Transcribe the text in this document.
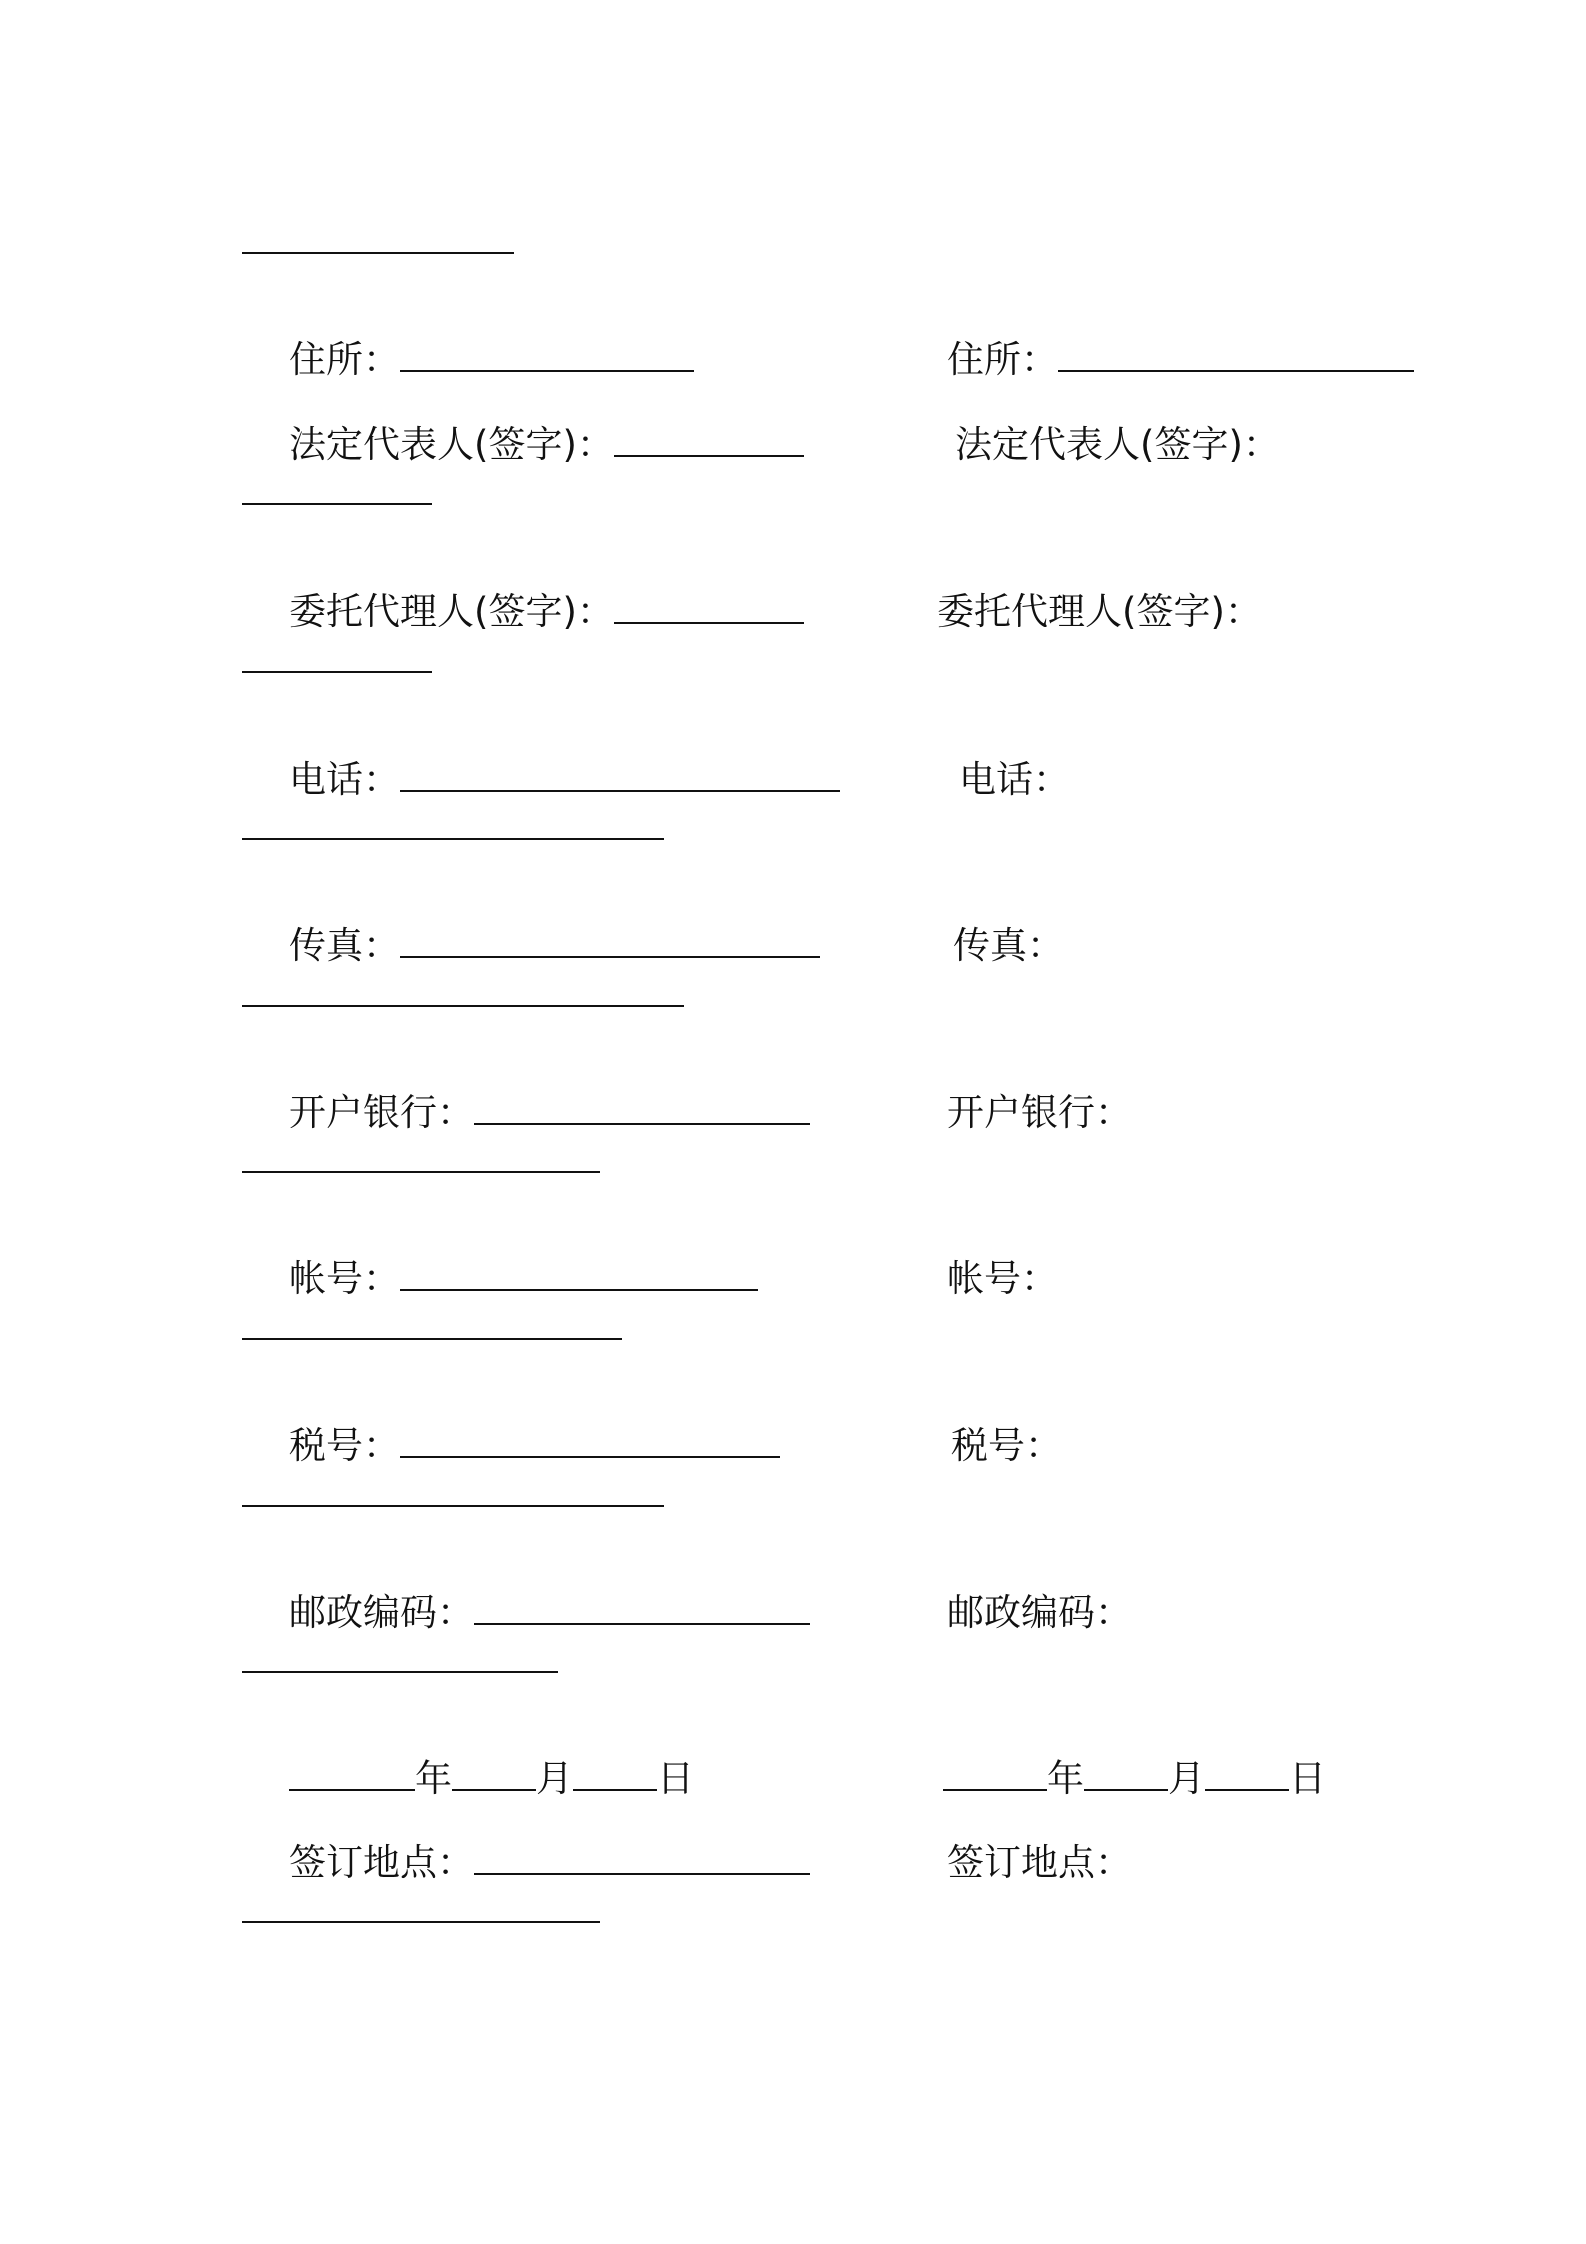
住所：
	住所：

法定代表人(签字)：
	法定代表人(签字)：

委托代理人(签字)：
	委托代理人(签字)：

电话：
	电话：

传真：
	传真：

开户银行：
	开户银行：

帐号：
	帐号：

税号：
	税号：

邮政编码：
	邮政编码：

年 月 日
	年 月 日

签订地点：
	签订地点：
